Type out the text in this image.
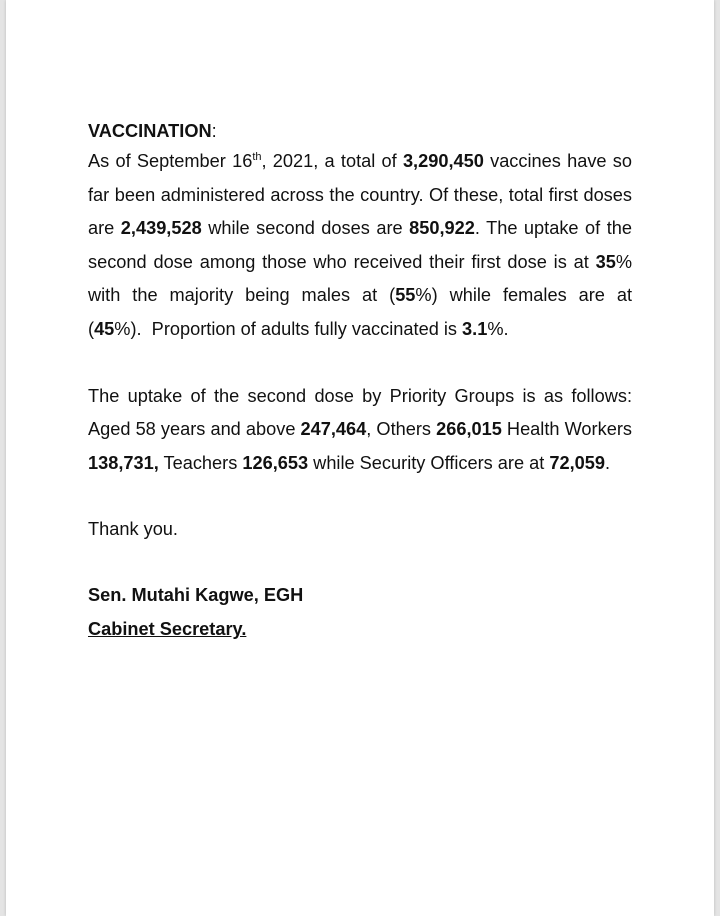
VACCINATION:

As of September 16th, 2021, a total of 3,290,450 vaccines have so far been administered across the country. Of these, total first doses are 2,439,528 while second doses are 850,922. The uptake of the second dose among those who received their first dose is at 35% with the majority being males at (55%) while females are at (45%).  Proportion of adults fully vaccinated is 3.1%.

The uptake of the second dose by Priority Groups is as follows: Aged 58 years and above 247,464, Others 266,015 Health Workers 138,731, Teachers 126,653 while Security Officers are at 72,059.

Thank you.

Sen. Mutahi Kagwe, EGH

Cabinet Secretary.
